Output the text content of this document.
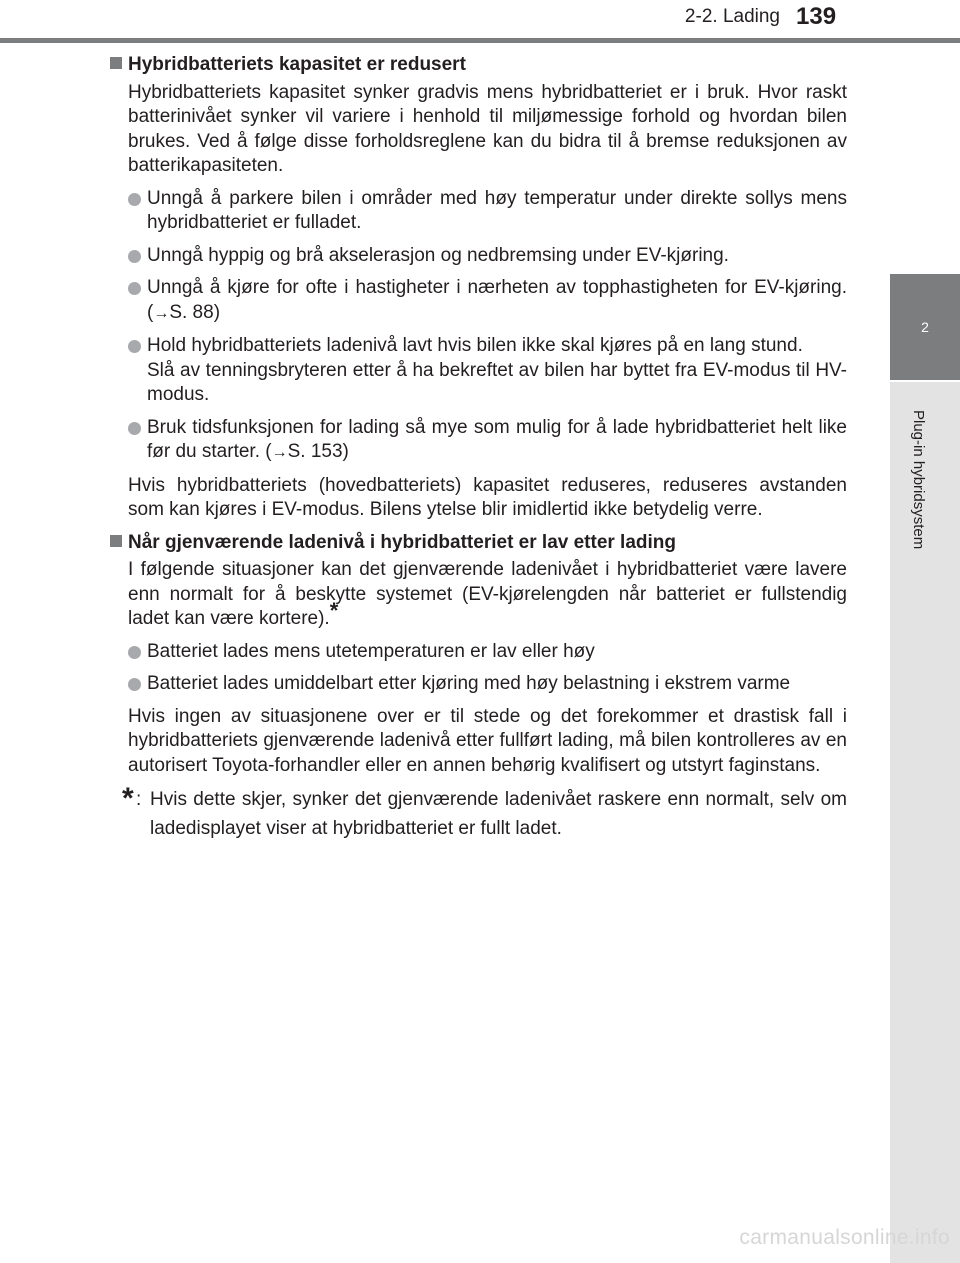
2-2. Lading 139
2
Plug-in hybridsystem
Hybridbatteriets kapasitet er redusert

Hybridbatteriets kapasitet synker gradvis mens hybridbatteriet er i bruk. Hvor raskt batterinivået synker vil variere i henhold til miljømessige forhold og hvordan bilen brukes. Ved å følge disse forholdsreglene kan du bidra til å bremse reduksjonen av batterikapasiteten.

Unngå å parkere bilen i områder med høy temperatur under direkte sollys mens hybridbatteriet er fulladet.
Unngå hyppig og brå akselerasjon og nedbremsing under EV-kjøring.
Unngå å kjøre for ofte i hastigheter i nærheten av topphastigheten for EV-kjøring. (→S. 88)
Hold hybridbatteriets ladenivå lavt hvis bilen ikke skal kjøres på en lang stund.
Slå av tenningsbryteren etter å ha bekreftet av bilen har byttet fra EV-modus til HV-modus.
Bruk tidsfunksjonen for lading så mye som mulig for å lade hybridbatteriet helt like før du starter. (→S. 153)

Hvis hybridbatteriets (hovedbatteriets) kapasitet reduseres, reduseres avstanden som kan kjøres i EV-modus. Bilens ytelse blir imidlertid ikke betydelig verre.

Når gjenværende ladenivå i hybridbatteriet er lav etter lading

I følgende situasjoner kan det gjenværende ladenivået i hybridbatteriet være lavere enn normalt for å beskytte systemet (EV-kjørelengden når batteriet er fullstendig ladet kan være kortere).*

Batteriet lades mens utetemperaturen er lav eller høy
Batteriet lades umiddelbart etter kjøring med høy belastning i ekstrem varme

Hvis ingen av situasjonene over er til stede og det forekommer et drastisk fall i hybridbatteriets gjenværende ladenivå etter fullført lading, må bilen kontrolleres av en autorisert Toyota-forhandler eller en annen behørig kvalifisert og utstyrt faginstans.

* : Hvis dette skjer, synker det gjenværende ladenivået raskere enn normalt, selv om ladedisplayet viser at hybridbatteriet er fullt ladet.
carmanualsonline.info
